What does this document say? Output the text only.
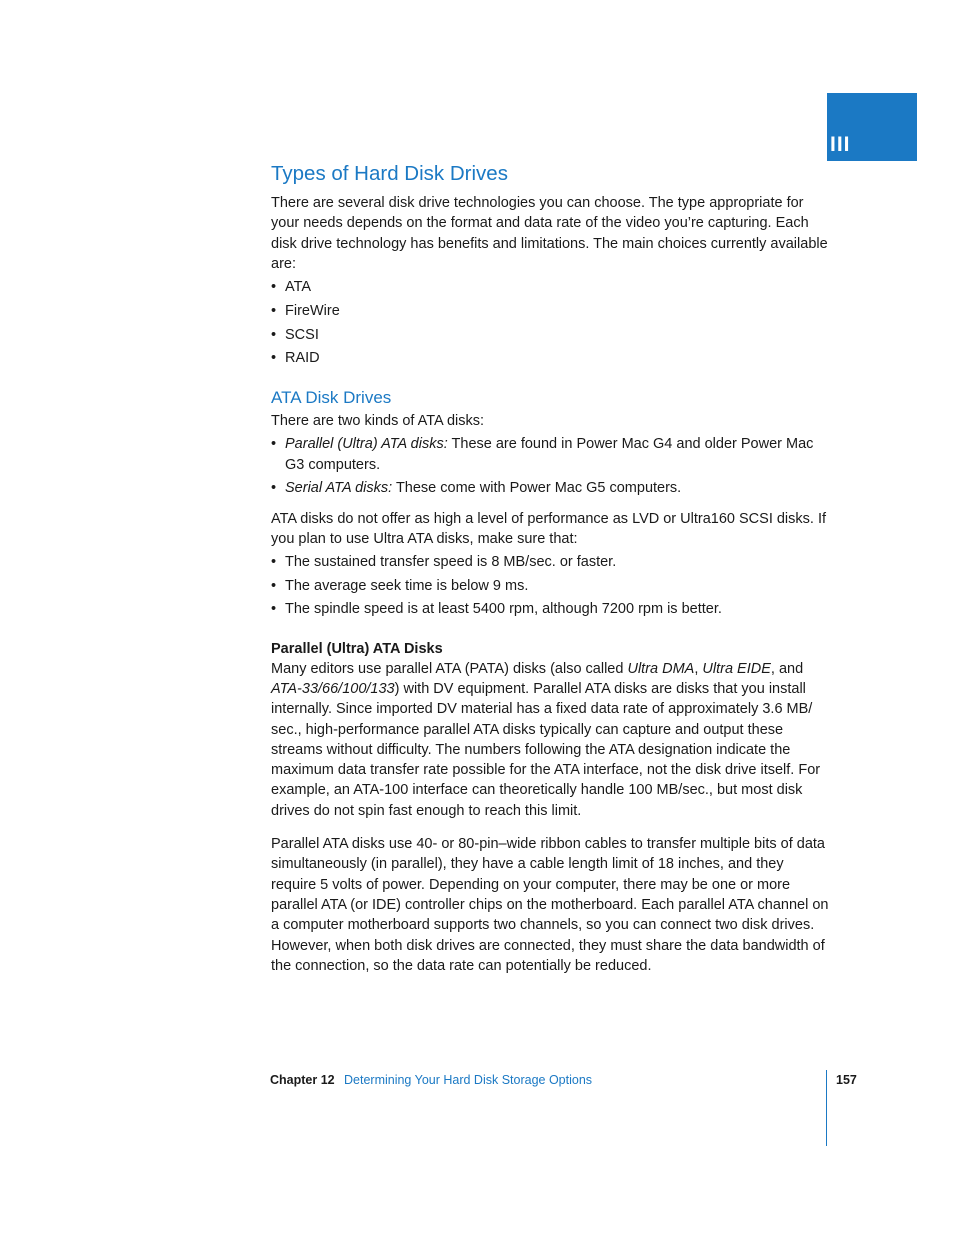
III
Types of Hard Disk Drives

There are several disk drive technologies you can choose. The type appropriate for your needs depends on the format and data rate of the video you’re capturing. Each disk drive technology has benefits and limitations. The main choices currently available are:

• ATA
• FireWire
• SCSI
• RAID
ATA Disk Drives

There are two kinds of ATA disks:

• Parallel (Ultra) ATA disks: These are found in Power Mac G4 and older Power Mac G3 computers.
• Serial ATA disks: These come with Power Mac G5 computers.

ATA disks do not offer as high a level of performance as LVD or Ultra160 SCSI disks. If you plan to use Ultra ATA disks, make sure that:

• The sustained transfer speed is 8 MB/sec. or faster.
• The average seek time is below 9 ms.
• The spindle speed is at least 5400 rpm, although 7200 rpm is better.
Parallel (Ultra) ATA Disks

Many editors use parallel ATA (PATA) disks (also called Ultra DMA, Ultra EIDE, and ATA-33/66/100/133) with DV equipment. Parallel ATA disks are disks that you install internally. Since imported DV material has a fixed data rate of approximately 3.6 MB/ sec., high-performance parallel ATA disks typically can capture and output these streams without difficulty. The numbers following the ATA designation indicate the maximum data transfer rate possible for the ATA interface, not the disk drive itself. For example, an ATA-100 interface can theoretically handle 100 MB/sec., but most disk drives do not spin fast enough to reach this limit.

Parallel ATA disks use 40- or 80-pin–wide ribbon cables to transfer multiple bits of data simultaneously (in parallel), they have a cable length limit of 18 inches, and they require 5 volts of power. Depending on your computer, there may be one or more parallel ATA (or IDE) controller chips on the motherboard. Each parallel ATA channel on a computer motherboard supports two channels, so you can connect two disk drives. However, when both disk drives are connected, they must share the data bandwidth of the connection, so the data rate can potentially be reduced.

Chapter 12 Determining Your Hard Disk Storage Options	157
